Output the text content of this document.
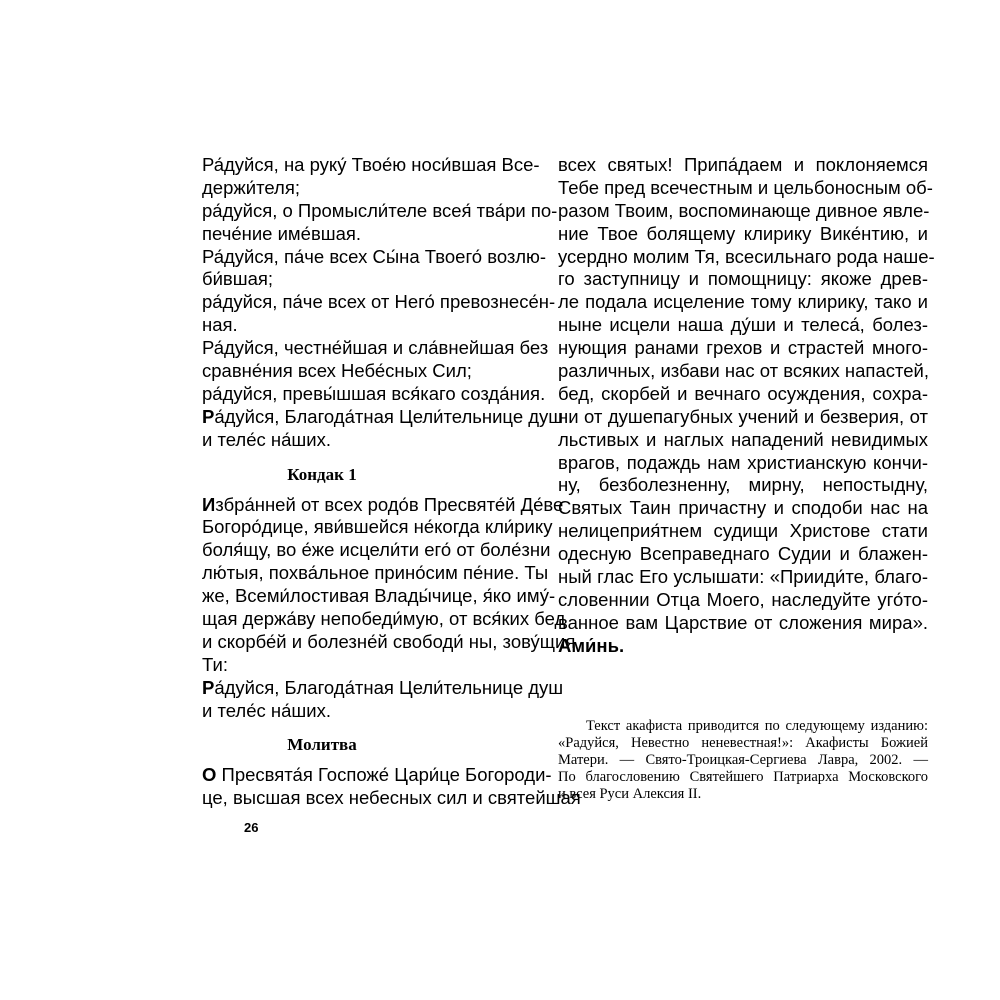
Ра́дуйся, на руку́ Твое́ю носи́вшая Все-
держи́теля;
ра́дуйся, о Промысли́теле всея́ тва́ри по-
пече́ние име́вшая.
Ра́дуйся, па́че всех Сы́на Твоего́ возлю-
би́вшая;
ра́дуйся, па́че всех от Него́ превознесе́н-
ная.
Ра́дуйся, честне́йшая и сла́внейшая без
сравне́ния всех Небе́сных Сил;
ра́дуйся, превы́шшая вся́каго созда́ния.
Ра́дуйся, Благода́тная Цели́тельнице душ
и теле́с на́ших.
Кондак 1
Избра́нней от всех родо́в Пресвяте́й Де́ве
Богоро́дице, яви́вшейся не́когда кли́рику
боля́щу, во е́же исцели́ти его́ от боле́зни
лю́тыя, похва́льное прино́сим пе́ние. Ты
же, Всеми́лостивая Влады́чице, я́ко иму́-
щая держа́ву непобеди́мую, от вся́ких бед
и скорбе́й и болезне́й свободи́ ны, зову́щия
Ти:
Ра́дуйся, Благода́тная Цели́тельнице душ
и теле́с на́ших.
Молитва
О Пресвята́я Госпоже́ Цари́це Богороди-
це, высшая всех небесных сил и святейшая
26
всех святых! Припа́даем и поклоняемся
Тебе пред всечестным и цельбоносным об-
разом Твоим, воспоминающе дивное явле-
ние Твое болящему клирику Вике́нтию, и
усердно молим Тя, всесильнаго рода нашe-
го заступницу и помощницу: якоже древ-
ле подала исцеление тому клирику, тако и
ныне исцели наша ду́ши и телеса́, болез-
нующия ранами грехов и страстей много-
различных, избави нас от всяких напастей,
бед, скорбей и вечнаго осуждения, сохра-
ни от душепагубных учений и безверия, от
льстивых и наглых нападений невидимых
врагов, подаждь нам христианскую кончи-
ну, безболезненну, мирну, непостыдну,
Святых Таин причастну и сподоби нас на
нелицеприя́тнем судищи Христове стати
одесную Всеправеднаго Судии и блажен-
ный глас Его услышати: «Прииди́те, благо-
словеннии Отца Моего, наследуйте уго́то-
ванное вам Царствие от сложения мира».
Ами́нь.
Текст акафиста приводится по следующему изданию:
«Радуйся, Невестно неневестная!»: Акафисты Божией
Матери. — Свято-Троицкая-Сергиева Лавра, 2002. —
По благословению Святейшего Патриарха Московского
и всея Руси Алексия II.
